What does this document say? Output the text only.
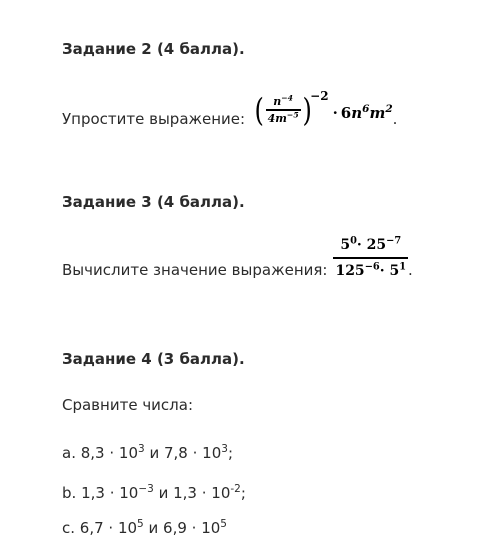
Задание 2 (4 балла).
Упростите выражение: ( $\frac{n^{-4}}{4m^{-5}}$ )
−2
· $6n^6m^2$
.
Задание 3 (4 балла).
Вычислите значение выражения: $\frac{5^0\cdot 25^{-7}}{125^{-6}\cdot 5^1}$ .
Задание 4 (3 балла).
Сравните числа:
a. $8,3 \cdot 10^3$ и $7,8 \cdot 10^3$;
b. $1,3 \cdot 10^{-3}$ и $1,3 \cdot 10^{-2}$;
c. $6,7 \cdot 10^5$ и $6,9 \cdot 10^5$
